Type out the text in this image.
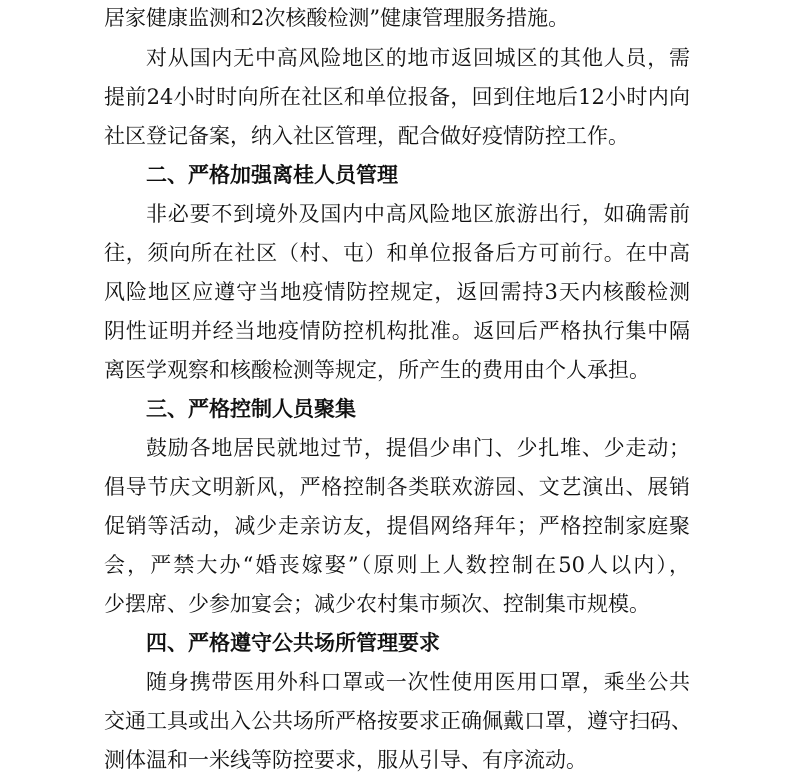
居家健康监测和2次核酸检测”健康管理服务措施。

对从国内无中高风险地区的地市返回城区的其他人员，需

提前24小时时向所在社区和单位报备，回到住地后12小时内向

社区登记备案，纳入社区管理，配合做好疫情防控工作。

二、严格加强离桂人员管理

非必要不到境外及国内中高风险地区旅游出行，如确需前

往，须向所在社区（村、屯）和单位报备后方可前行。在中高

风险地区应遵守当地疫情防控规定，返回需持3天内核酸检测

阴性证明并经当地疫情防控机构批准。返回后严格执行集中隔

离医学观察和核酸检测等规定，所产生的费用由个人承担。

三、严格控制人员聚集

鼓励各地居民就地过节，提倡少串门、少扎堆、少走动；

倡导节庆文明新风，严格控制各类联欢游园、文艺演出、展销

促销等活动，减少走亲访友，提倡网络拜年；严格控制家庭聚

会，严禁大办“婚丧嫁娶”（原则上人数控制在50人以内），

少摆席、少参加宴会；减少农村集市频次、控制集市规模。

四、严格遵守公共场所管理要求

随身携带医用外科口罩或一次性使用医用口罩，乘坐公共

交通工具或出入公共场所严格按要求正确佩戴口罩，遵守扫码、

测体温和一米线等防控要求，服从引导、有序流动。
